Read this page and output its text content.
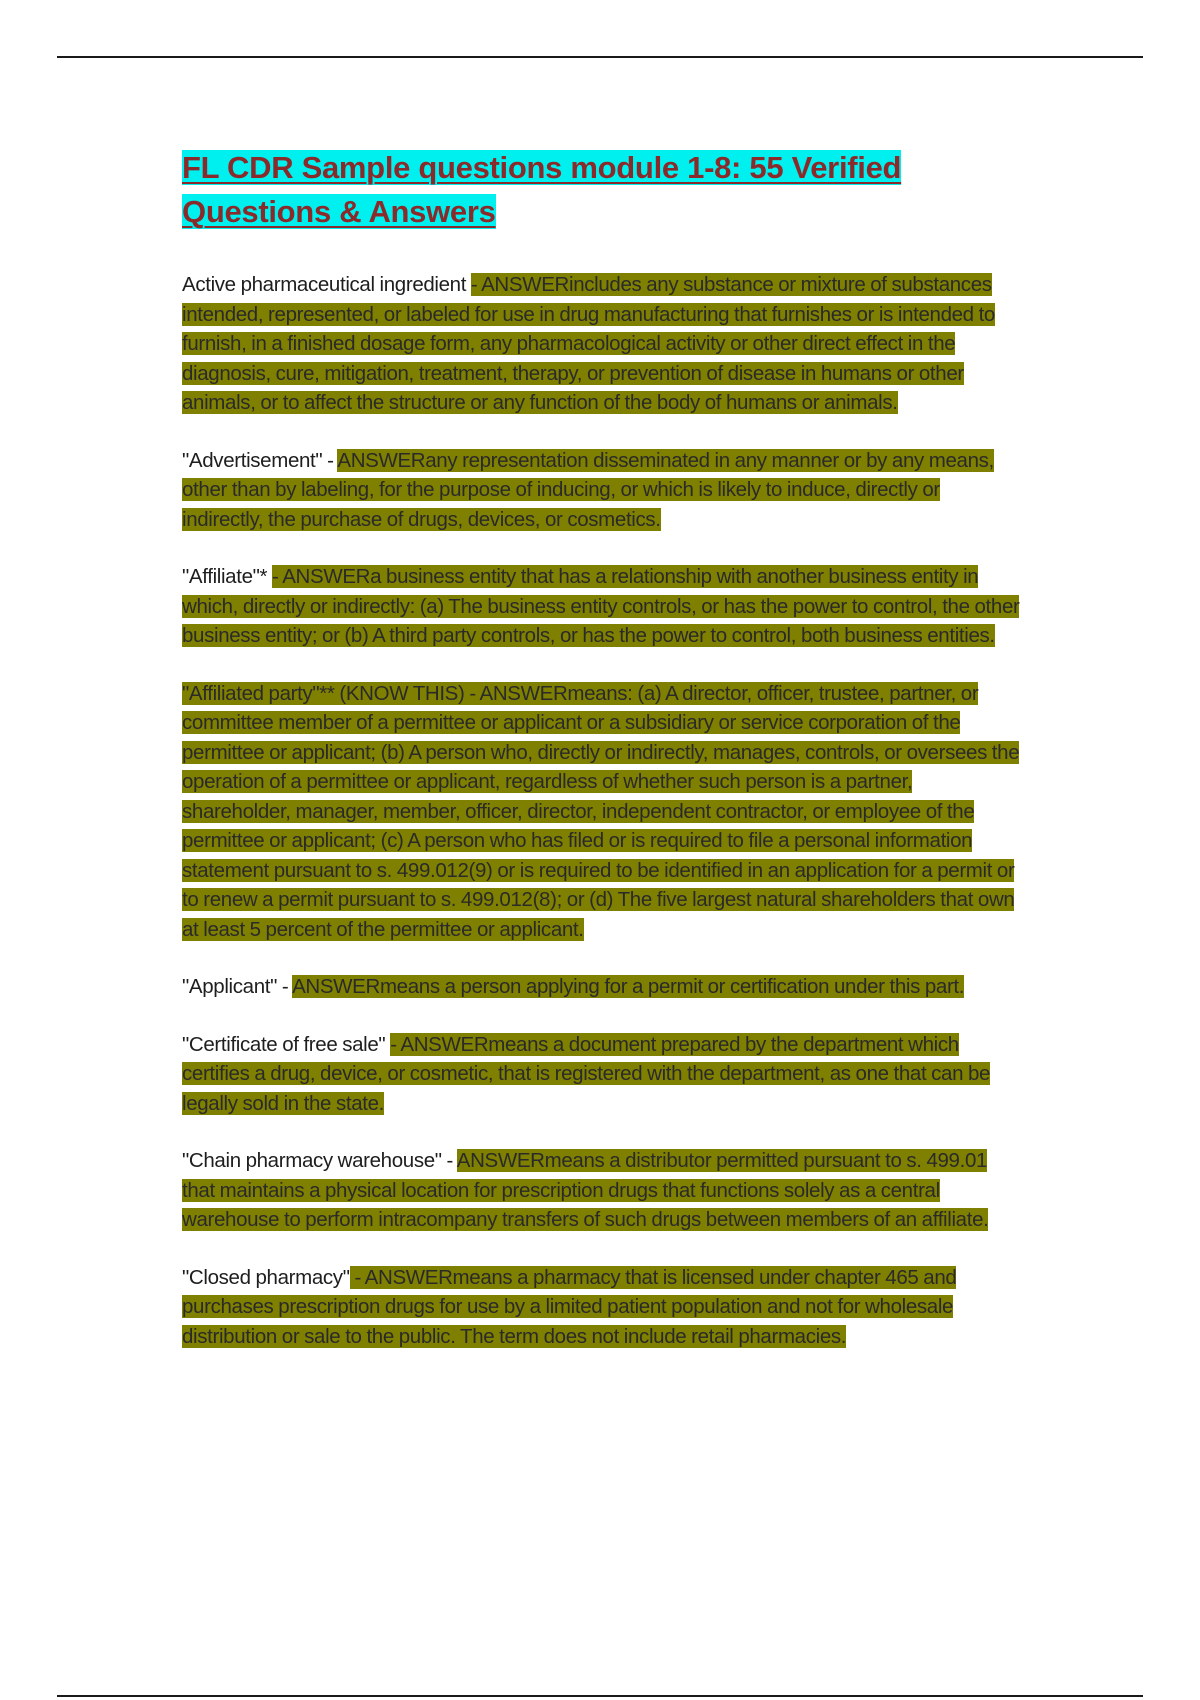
FL CDR Sample questions module 1-8: 55 Verified Questions & Answers

Active pharmaceutical ingredient - ANSWERincludes any substance or mixture of substances intended, represented, or labeled for use in drug manufacturing that furnishes or is intended to furnish, in a finished dosage form, any pharmacological activity or other direct effect in the diagnosis, cure, mitigation, treatment, therapy, or prevention of disease in humans or other animals, or to affect the structure or any function of the body of humans or animals.

"Advertisement" - ANSWERany representation disseminated in any manner or by any means, other than by labeling, for the purpose of inducing, or which is likely to induce, directly or indirectly, the purchase of drugs, devices, or cosmetics.

"Affiliate"* - ANSWERa business entity that has a relationship with another business entity in which, directly or indirectly: (a) The business entity controls, or has the power to control, the other business entity; or (b) A third party controls, or has the power to control, both business entities.

"Affiliated party"** (KNOW THIS) - ANSWERmeans: (a) A director, officer, trustee, partner, or committee member of a permittee or applicant or a subsidiary or service corporation of the permittee or applicant; (b) A person who, directly or indirectly, manages, controls, or oversees the operation of a permittee or applicant, regardless of whether such person is a partner, shareholder, manager, member, officer, director, independent contractor, or employee of the permittee or applicant; (c) A person who has filed or is required to file a personal information statement pursuant to s. 499.012(9) or is required to be identified in an application for a permit or to renew a permit pursuant to s. 499.012(8); or (d) The five largest natural shareholders that own at least 5 percent of the permittee or applicant.

"Applicant" - ANSWERmeans a person applying for a permit or certification under this part.

"Certificate of free sale" - ANSWERmeans a document prepared by the department which certifies a drug, device, or cosmetic, that is registered with the department, as one that can be legally sold in the state.

"Chain pharmacy warehouse" - ANSWERmeans a distributor permitted pursuant to s. 499.01 that maintains a physical location for prescription drugs that functions solely as a central warehouse to perform intracompany transfers of such drugs between members of an affiliate.

"Closed pharmacy" - ANSWERmeans a pharmacy that is licensed under chapter 465 and purchases prescription drugs for use by a limited patient population and not for wholesale distribution or sale to the public. The term does not include retail pharmacies.
